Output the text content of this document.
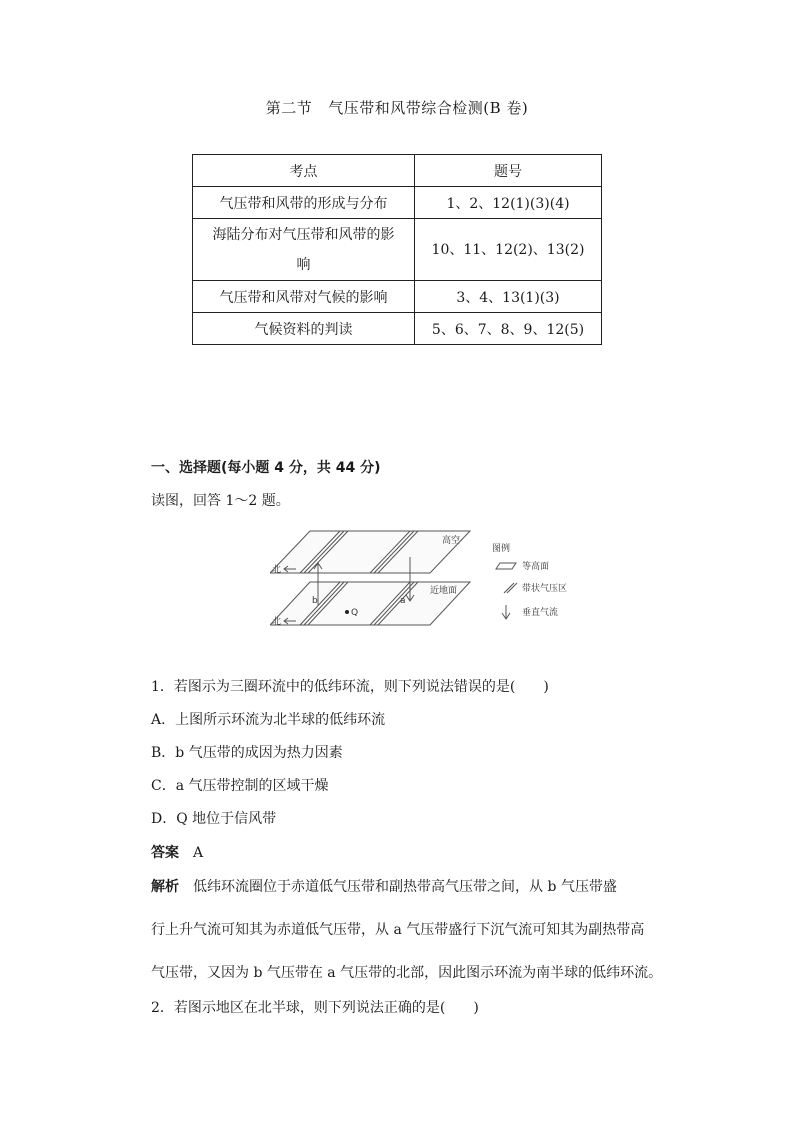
第二节 气压带和风带综合检测(B 卷)
考点	题号
气压带和风带的形成与分布	1、2、12(1)(3)(4)
海陆分布对气压带和风带的影
响	10、11、12(2)、13(2)
气压带和风带对气候的影响	3、4、13(1)(3)
气候资料的判读	5、6、7、8、9、12(5)
一、选择题(每小题 4 分，共 44 分)
读图，回答 1～2 题。
北
北
b	a
Q
高空
近地面
图例
等高面
带状气压区
垂直气流
1．若图示为三圈环流中的低纬环流，则下列说法错误的是(　　)
A．上图所示环流为北半球的低纬环流
B．b 气压带的成因为热力因素
C．a 气压带控制的区域干燥
D．Q 地位于信风带
答案 A
解析 低纬环流圈位于赤道低气压带和副热带高气压带之间，从 b 气压带盛
行上升气流可知其为赤道低气压带，从 a 气压带盛行下沉气流可知其为副热带高
气压带，又因为 b 气压带在 a 气压带的北部，因此图示环流为南半球的低纬环流。
2．若图示地区在北半球，则下列说法正确的是(　　)
